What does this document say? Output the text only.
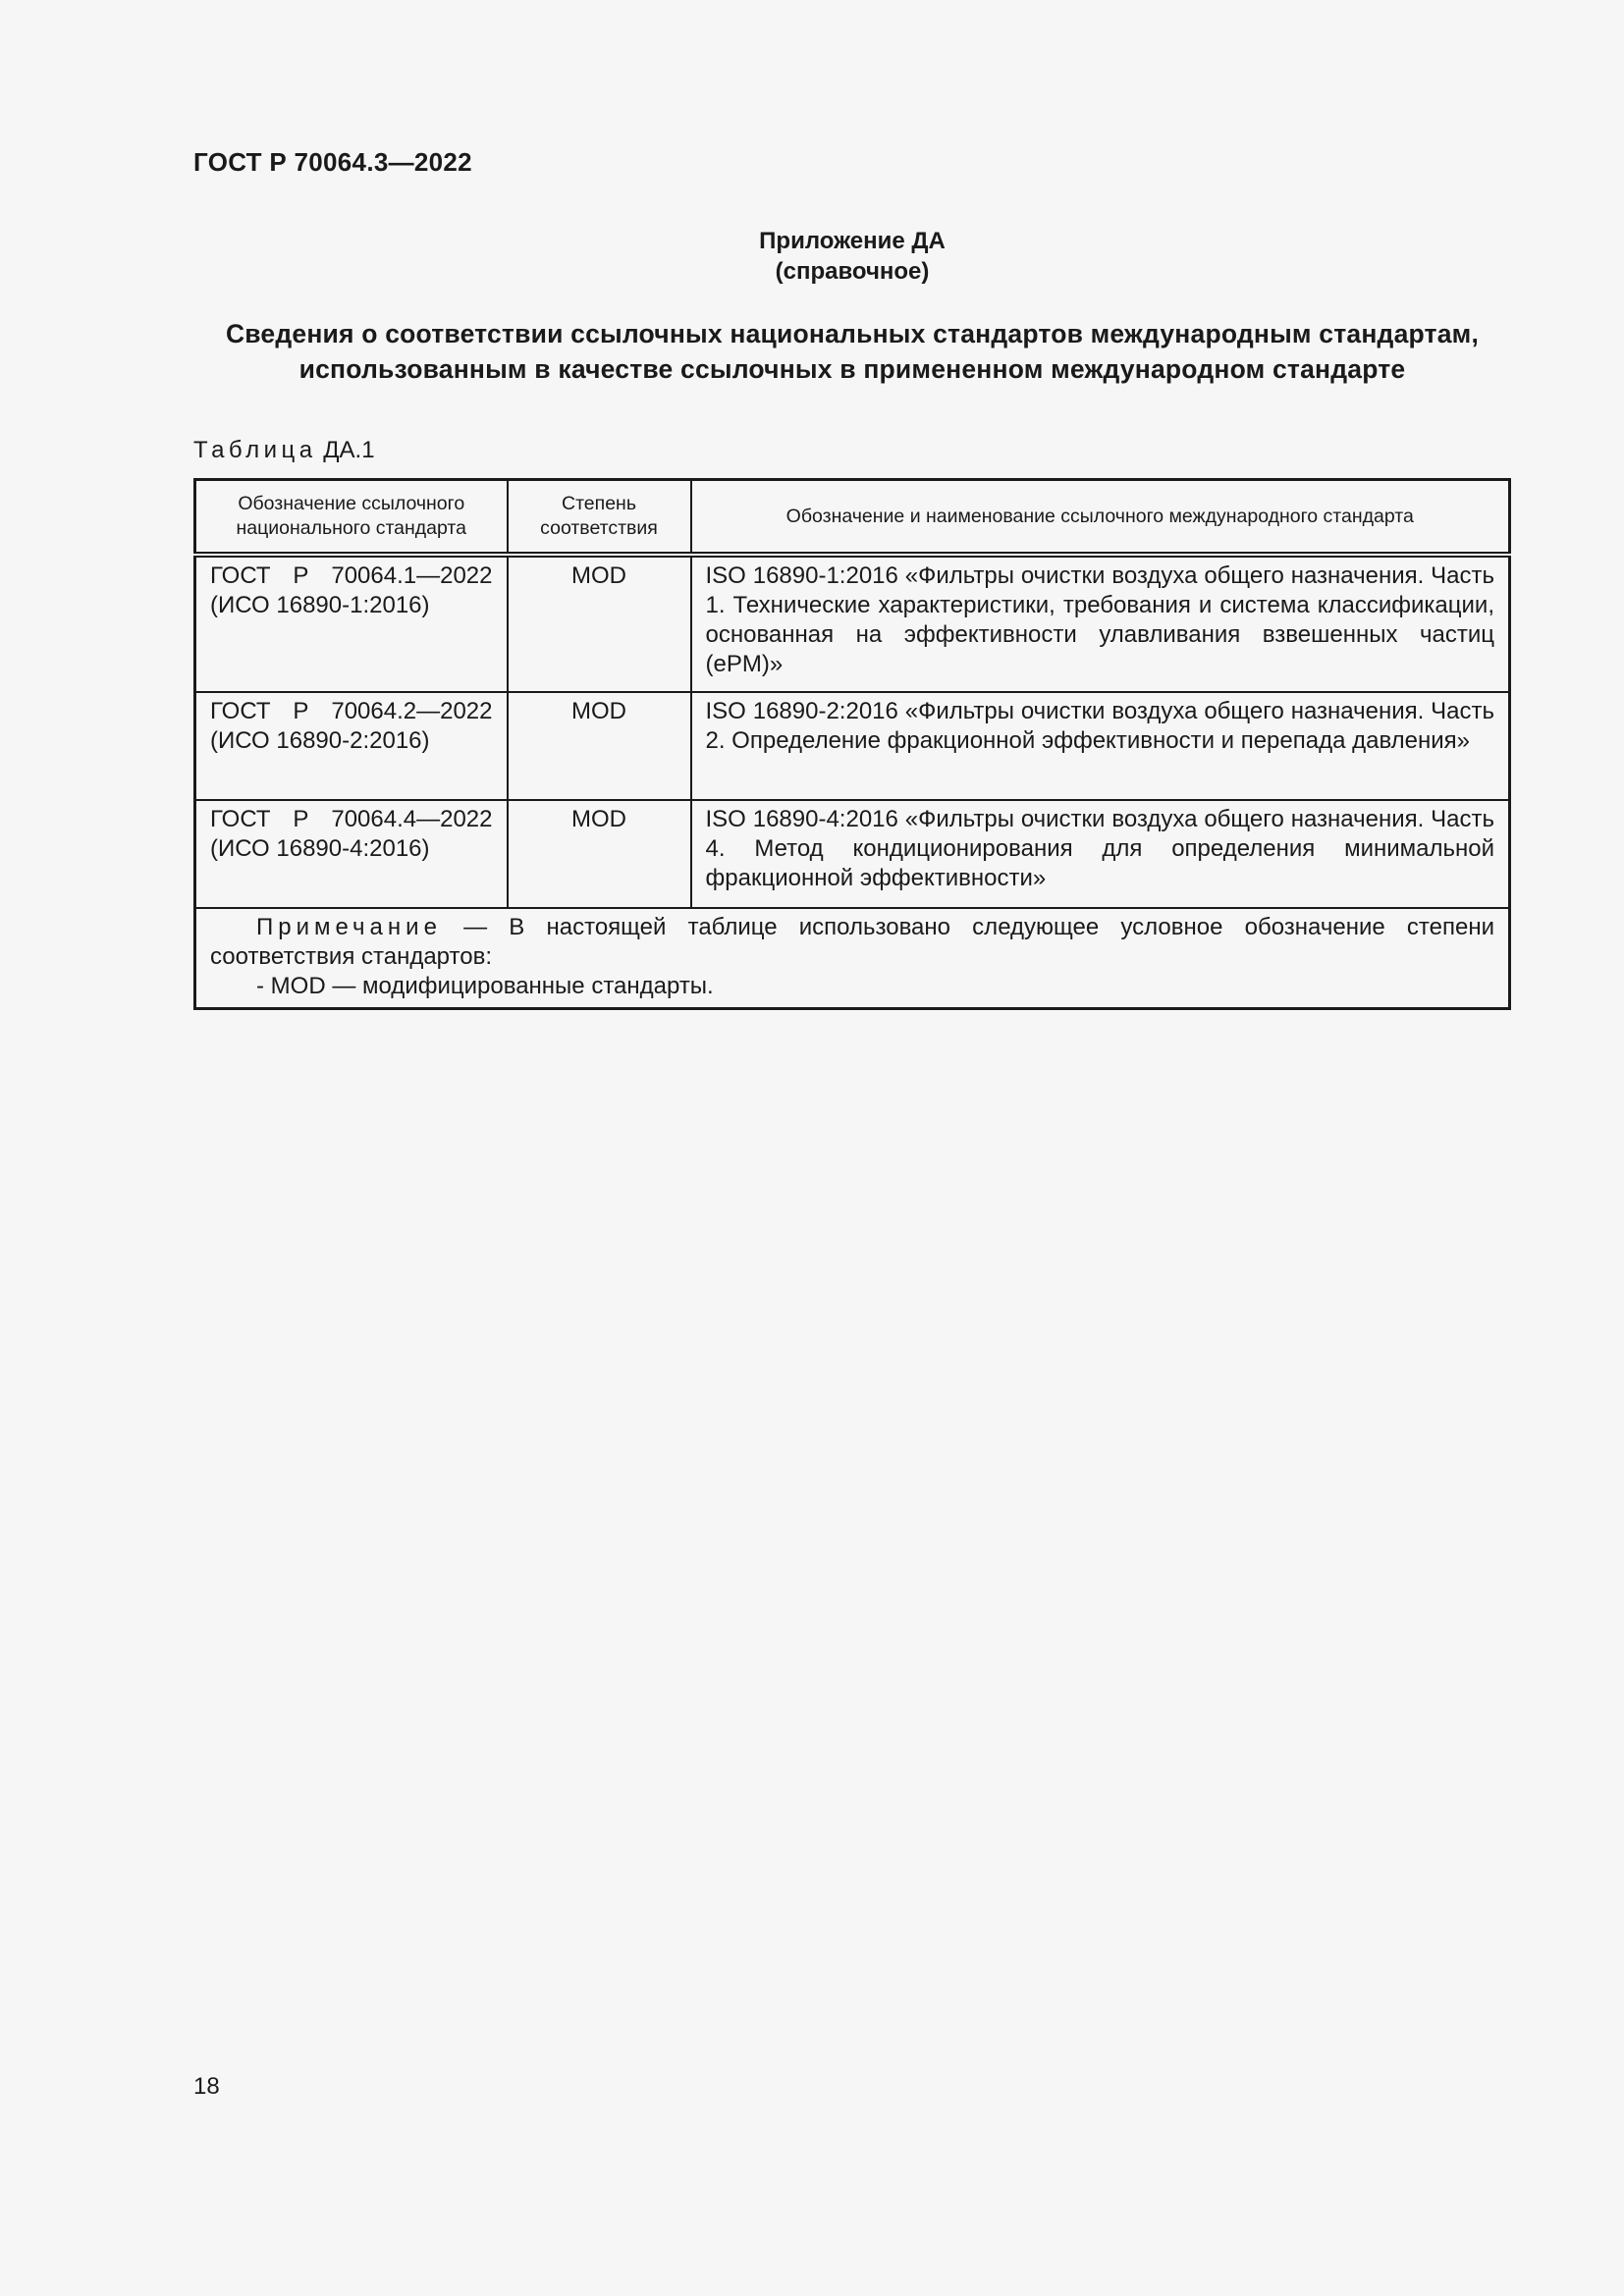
ГОСТ Р 70064.3—2022
Приложение ДА
(справочное)
Сведения о соответствии ссылочных национальных стандартов международным стандартам,
использованным в качестве ссылочных в примененном международном стандарте
Таблица ДА.1
Обозначение ссылочного национального стандарта	Степень соответствия	Обозначение и наименование ссылочного международного стандарта
ГОСТ Р 70064.1—2022 (ИСО 16890-1:2016)	MOD	ISO 16890-1:2016 «Фильтры очистки воздуха общего назначения. Часть 1. Технические характеристики, требования и система классификации, основанная на эффективности улавливания взвешенных частиц (ePM)»
ГОСТ Р 70064.2—2022 (ИСО 16890-2:2016)	MOD	ISO 16890-2:2016 «Фильтры очистки воздуха общего назначения. Часть 2. Определение фракционной эффективности и перепада давления»
ГОСТ Р 70064.4—2022 (ИСО 16890-4:2016)	MOD	ISO 16890-4:2016 «Фильтры очистки воздуха общего назначения. Часть 4. Метод кондиционирования для определения минимальной фракционной эффективности»

Примечание — В настоящей таблице использовано следующее условное обозначение степени соответствия стандартов:
- MOD — модифицированные стандарты.		
18
